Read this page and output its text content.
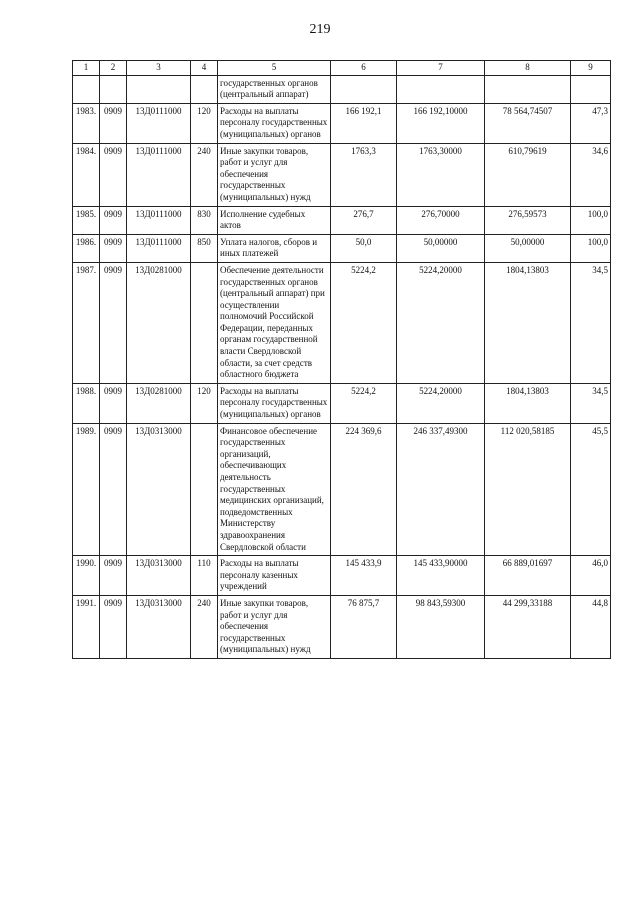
219
1	2	3	4	5	6	7	8	9
				государственных органов (центральный аппарат)				
1983.	0909	13Д0111000	120	Расходы на выплаты персоналу государственных (муниципальных) органов	166 192,1	166 192,10000	78 564,74507	47,3
1984.	0909	13Д0111000	240	Иные закупки товаров, работ и услуг для обеспечения государственных (муниципальных) нужд	1763,3	1763,30000	610,79619	34,6
1985.	0909	13Д0111000	830	Исполнение судебных актов	276,7	276,70000	276,59573	100,0
1986.	0909	13Д0111000	850	Уплата налогов, сборов и иных платежей	50,0	50,00000	50,00000	100,0
1987.	0909	13Д0281000		Обеспечение деятельности государственных органов (центральный аппарат) при осуществлении полномочий Российской Федерации, переданных органам государственной власти Свердловской области, за счет средств областного бюджета	5224,2	5224,20000	1804,13803	34,5
1988.	0909	13Д0281000	120	Расходы на выплаты персоналу государственных (муниципальных) органов	5224,2	5224,20000	1804,13803	34,5
1989.	0909	13Д0313000		Финансовое обеспечение государственных организаций, обеспечивающих деятельность государственных медицинских организаций, подведомственных Министерству здравоохранения Свердловской области	224 369,6	246 337,49300	112 020,58185	45,5
1990.	0909	13Д0313000	110	Расходы на выплаты персоналу казенных учреждений	145 433,9	145 433,90000	66 889,01697	46,0
1991.	0909	13Д0313000	240	Иные закупки товаров, работ и услуг для обеспечения государственных (муниципальных) нужд	76 875,7	98 843,59300	44 299,33188	44,8
